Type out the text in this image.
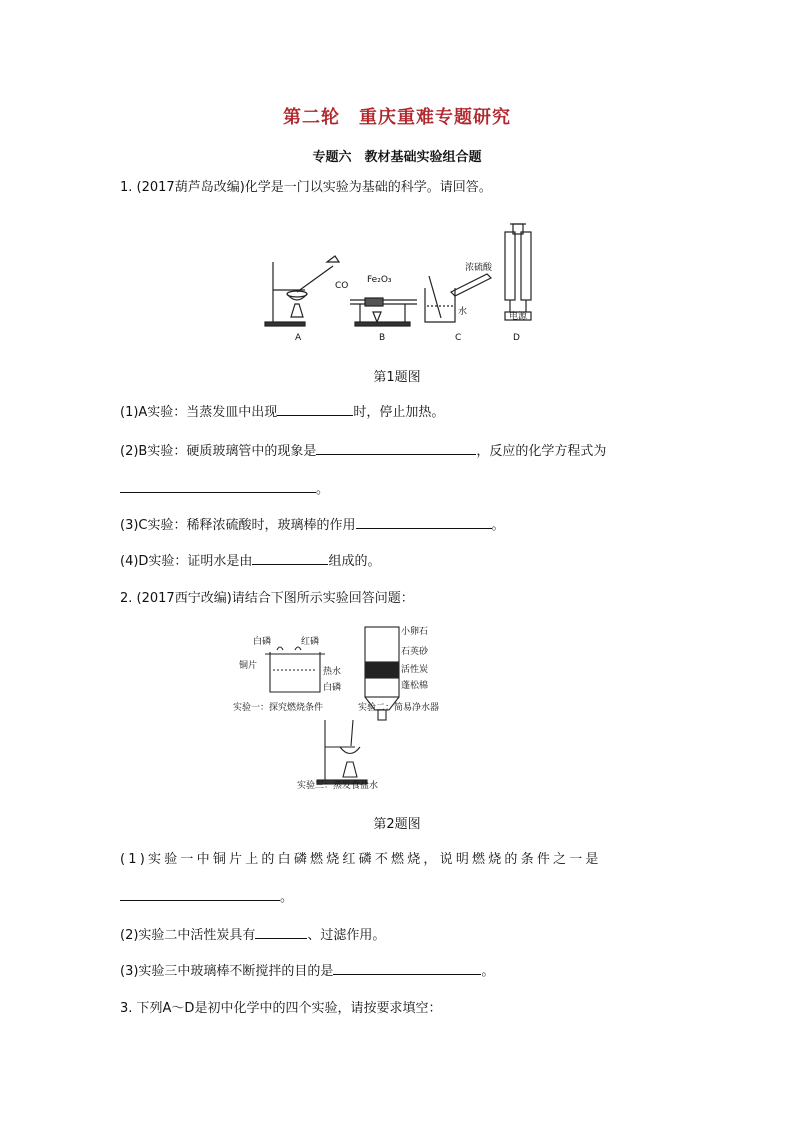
第二轮　重庆重难专题研究
专题六　教材基础实验组合题
1. (2017葫芦岛改编)化学是一门以实验为基础的科学。请回答。
CO
Fe₂O₃
浓硫酸
水	电源
A	B	C	D
第1题图
(1)A实验：当蒸发皿中出现	时，停止加热。
(2)B实验：硬质玻璃管中的现象是	，反应的化学方程式为
。
(3)C实验：稀释浓硫酸时，玻璃棒的作用	。
(4)D实验：证明水是由	组成的。
2. (2017西宁改编)请结合下图所示实验回答问题：
白磷	红磷
铜片
热水
白磷
实验一：探究燃烧条件
小卵石
石英砂
活性炭
蓬松棉
实验二：简易净水器
实验三：蒸发食盐水
第2题图
(1)实验一中铜片上的白磷燃烧红磷不燃烧，说明燃烧的条件之一是
。
(2)实验二中活性炭具有	、过滤作用。
(3)实验三中玻璃棒不断搅拌的目的是	。
3. 下列A～D是初中化学中的四个实验，请按要求填空：
